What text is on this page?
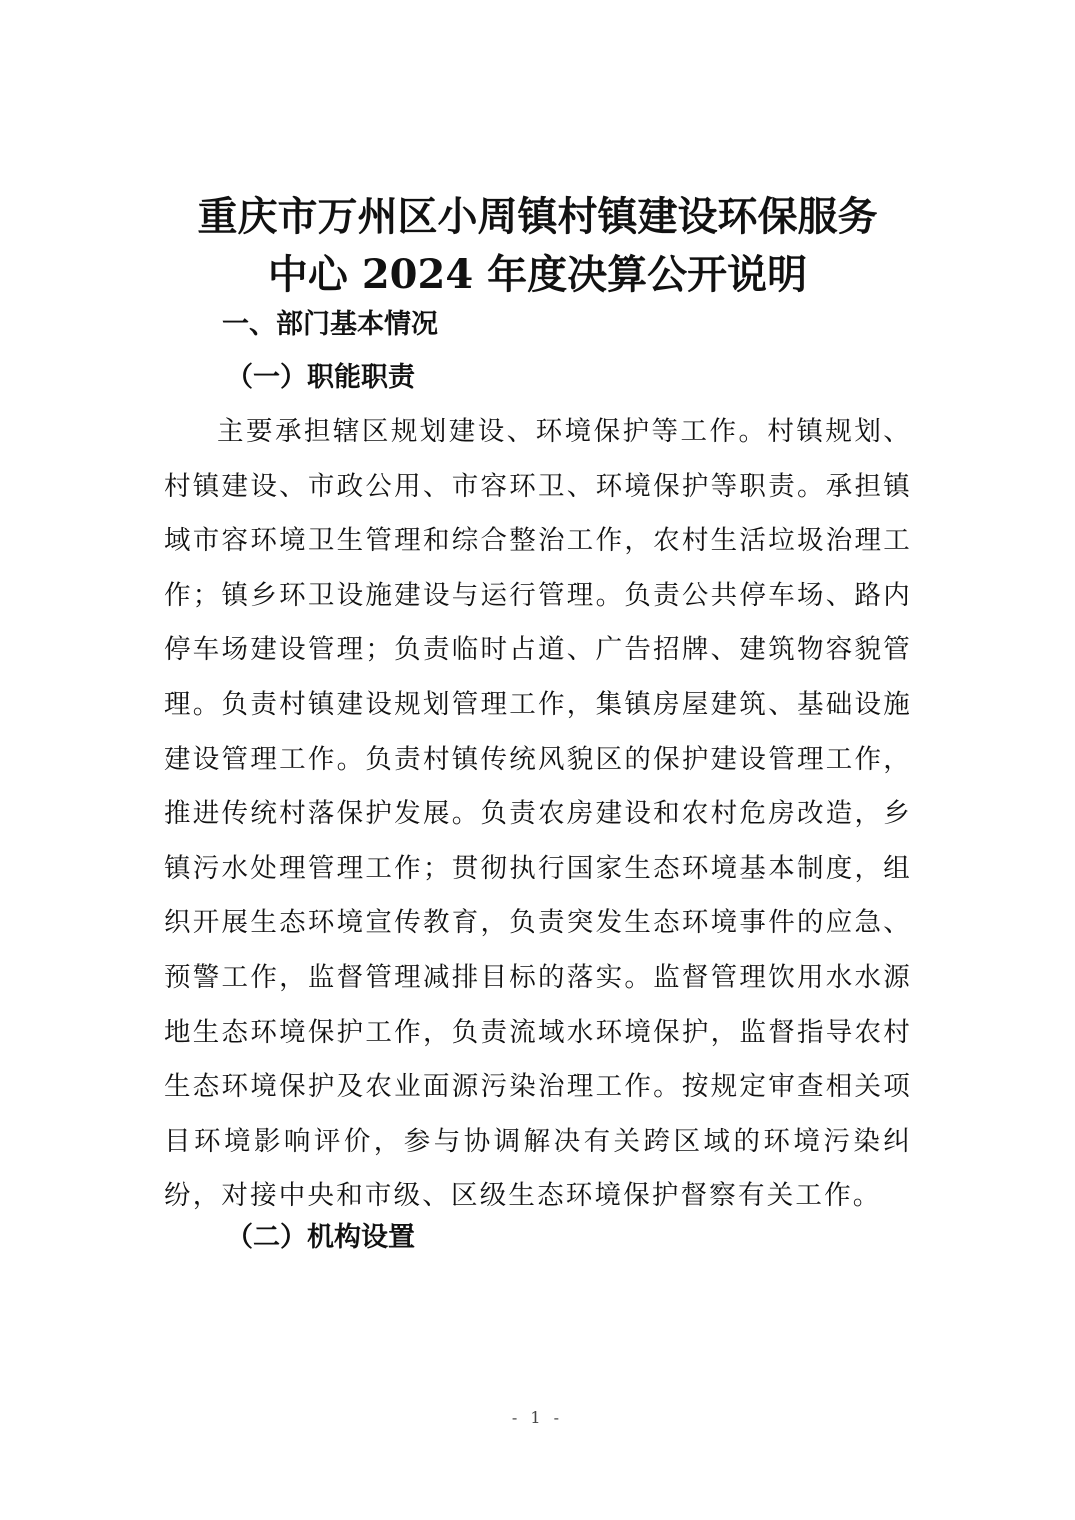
重庆市万州区小周镇村镇建设环保服务
中心 2024 年度决算公开说明
一、部门基本情况
（一）职能职责

主要承担辖区规划建设、环境保护等工作。村镇规划、村镇建设、市政公用、市容环卫、环境保护等职责。承担镇域市容环境卫生管理和综合整治工作，农村生活垃圾治理工作；镇乡环卫设施建设与运行管理。负责公共停车场、路内停车场建设管理；负责临时占道、广告招牌、建筑物容貌管理。负责村镇建设规划管理工作，集镇房屋建筑、基础设施建设管理工作。负责村镇传统风貌区的保护建设管理工作，推进传统村落保护发展。负责农房建设和农村危房改造，乡镇污水处理管理工作；贯彻执行国家生态环境基本制度，组织开展生态环境宣传教育，负责突发生态环境事件的应急、预警工作，监督管理减排目标的落实。监督管理饮用水水源地生态环境保护工作，负责流域水环境保护，监督指导农村生态环境保护及农业面源污染治理工作。按规定审查相关项目环境影响评价，参与协调解决有关跨区域的环境污染纠纷，对接中央和市级、区级生态环境保护督察有关工作。

（二）机构设置
- 1 -
